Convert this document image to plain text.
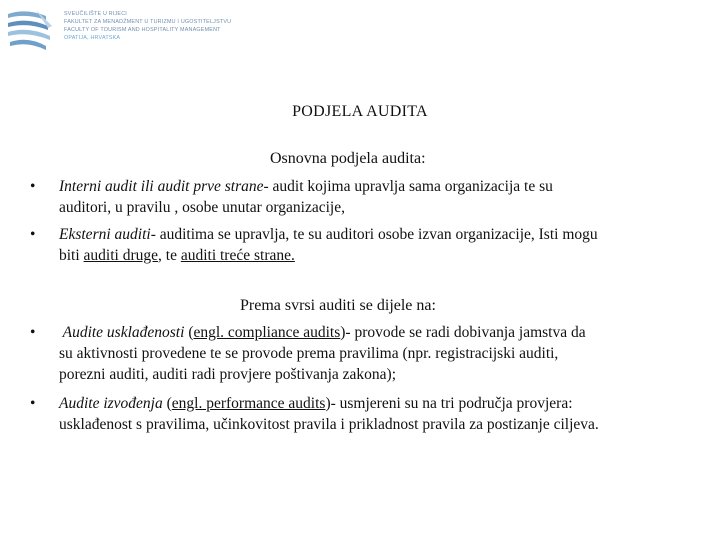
SVEUČILIŠTE U RIJECI
FAKULTET ZA MENADŽMENT U TURIZMU I UGOSTITELJSTVU
FACULTY OF TOURISM AND HOSPITALITY MANAGEMENT
OPATIJA, HRVATSKA
PODJELA AUDITA
Osnovna podjela audita:
•	Interni audit ili audit prve strane- audit kojima upravlja sama organizacija te su
auditori, u pravilu , osobe unutar organizacije,
•	Eksterni auditi- auditima se upravlja, te su auditori osobe izvan organizacije, Isti mogu
biti auditi druge, te auditi treće strane.
Prema svrsi auditi se dijele na:
•	Audite usklađenosti (engl. compliance audits)- provode se radi dobivanja jamstva da
su aktivnosti provedene te se provode prema pravilima (npr. registracijski auditi,
porezni auditi, auditi radi provjere poštivanja zakona);
•	Audite izvođenja (engl. performance audits)- usmjereni su na tri područja provjera:
usklađenost s pravilima, učinkovitost pravila i prikladnost pravila za postizanje ciljeva.
